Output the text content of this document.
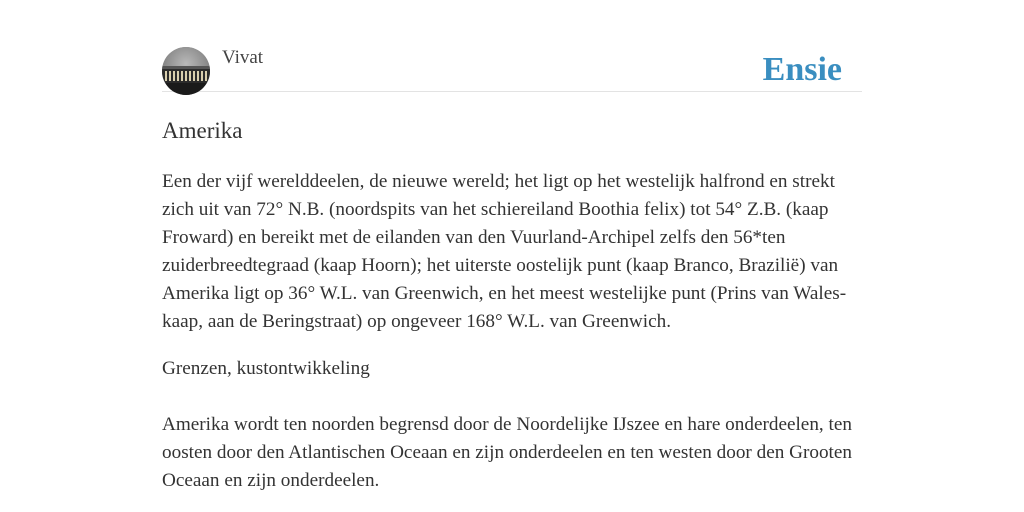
Vivat	Ensie
Amerika

Een der vijf werelddeelen, de nieuwe wereld; het ligt op het westelijk halfrond en strekt zich uit van 72° N.B. (noordspits van het schiereiland Boothia felix) tot 54° Z.B. (kaap Froward) en bereikt met de eilanden van den Vuurland-Archipel zelfs den 56*ten zuiderbreedtegraad (kaap Hoorn); het uiterste oostelijk punt (kaap Branco, Brazilië) van Amerika ligt op 36° W.L. van Greenwich, en het meest westelijke punt (Prins van Wales-kaap, aan de Beringstraat) op ongeveer 168° W.L. van Greenwich.

Grenzen, kustontwikkeling

Amerika wordt ten noorden begrensd door de Noordelijke IJszee en hare onderdeelen, ten oosten door den Atlantischen Oceaan en zijn onderdeelen en ten westen door den Grooten Oceaan en zijn onderdeelen.
